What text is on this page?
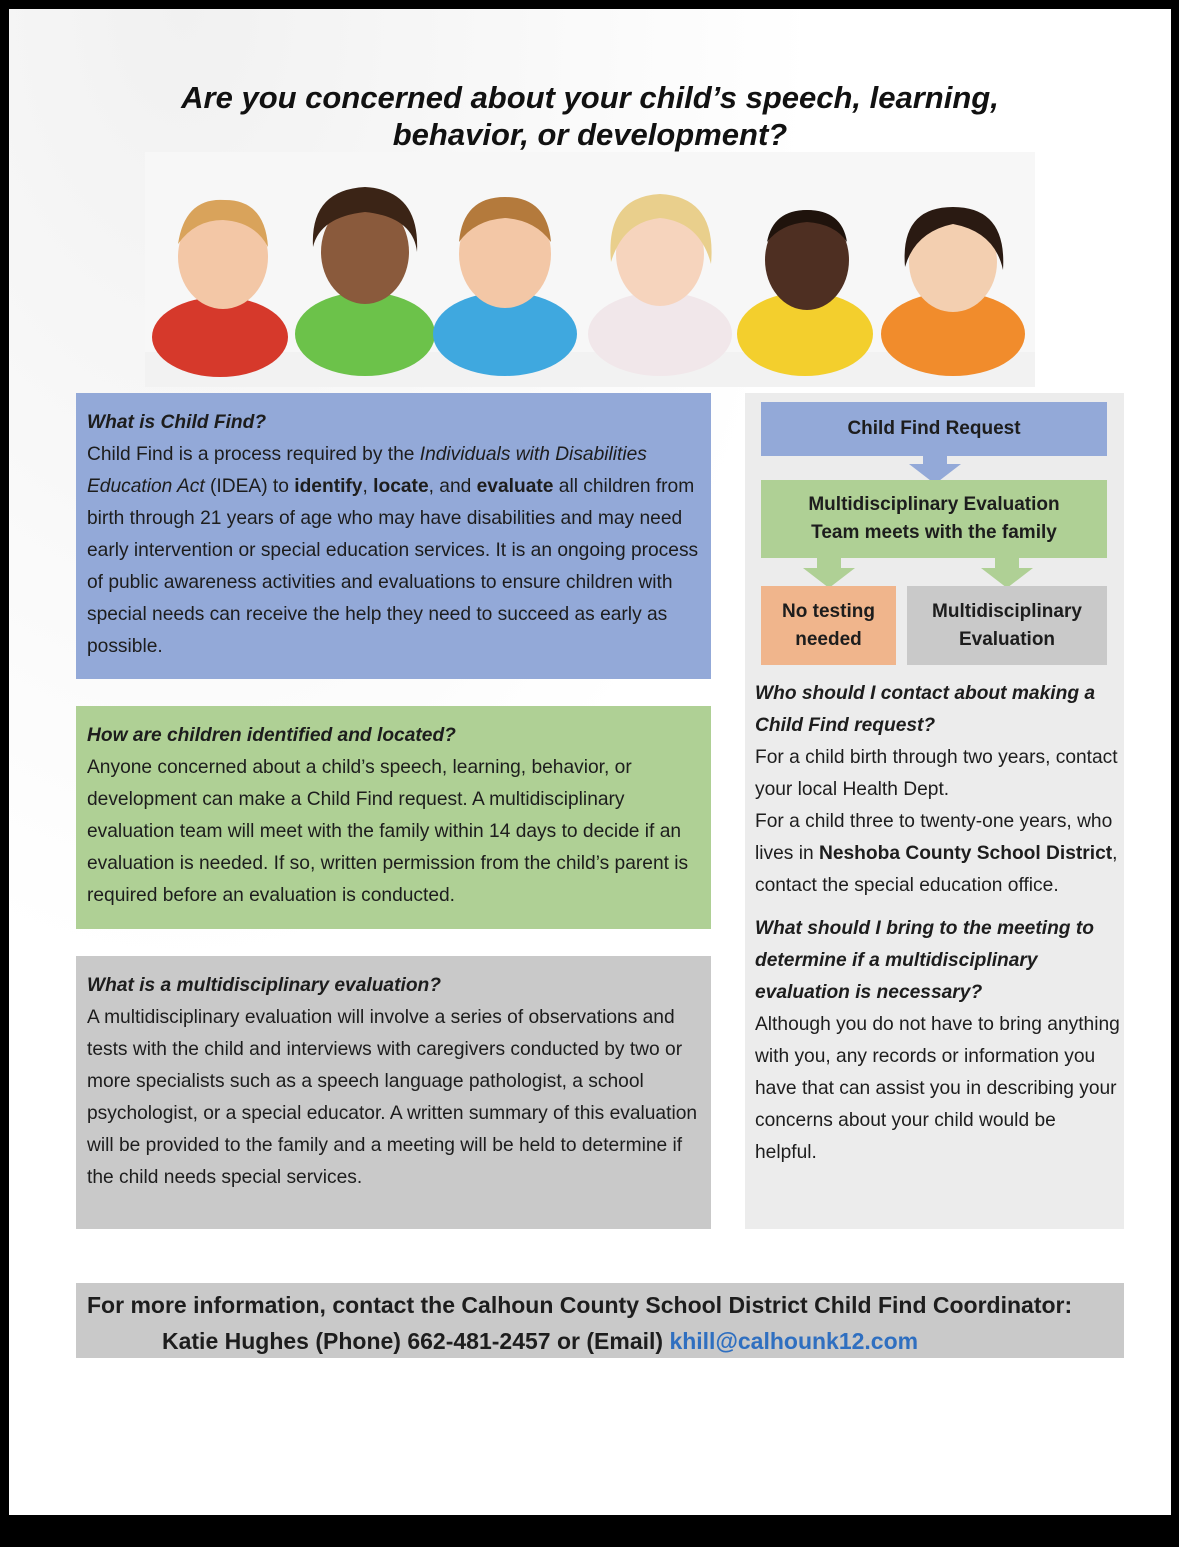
Are you concerned about your child’s speech, learning,
behavior, or development?
What is Child Find?
Child Find is a process required by the Individuals with Disabilities Education Act (IDEA) to identify, locate, and evaluate all children from birth through 21 years of age who may have disabilities and may need early intervention or special education services. It is an ongoing process of public awareness activities and evaluations to ensure children with special needs can receive the help they need to succeed as early as possible.
How are children identified and located?
Anyone concerned about a child’s speech, learning, behavior, or development can make a Child Find request. A multidisciplinary evaluation team will meet with the family within 14 days to decide if an evaluation is needed. If so, written permission from the child’s parent is required before an evaluation is conducted.
What is a multidisciplinary evaluation?
A multidisciplinary evaluation will involve a series of observations and tests with the child and interviews with caregivers conducted by two or more specialists such as a speech language pathologist, a school psychologist, or a special educator. A written summary of this evaluation will be provided to the family and a meeting will be held to determine if the child needs special services.
Child Find Request
Multidisciplinary Evaluation
Team meets with the family
No testing
needed
Multidisciplinary
Evaluation

Who should I contact about making a Child Find request?

For a child birth through two years, contact your local Health Dept.

For a child three to twenty-one years, who lives in Neshoba County School District, contact the special education office.

What should I bring to the meeting to determine if a multidisciplinary evaluation is necessary?

Although you do not have to bring anything with you, any records or information you have that can assist you in describing your concerns about your child would be helpful.

For more information, contact the Calhoun County School District Child Find Coordinator:
Katie Hughes (Phone) 662-481-2457 or (Email) khill@calhounk12.com
